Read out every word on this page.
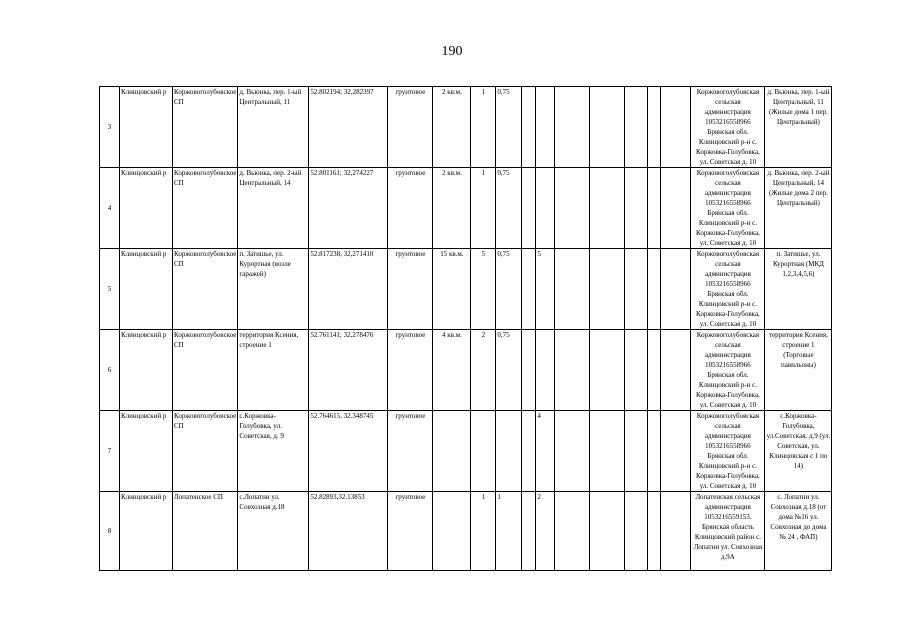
190
3	Клинцовский р	Коржовоголубовское СП	д. Вьюнка, пер. 1-ый Центральный, 11	52.802194; 32,282397	грунтовое	2 кв.м.	1	0,75								Коржовоголубовская сельская администрация 1053216558966 Брянская обл. Клинцовский р-н с. Коржовка-Голубовка, ул. Советская д. 10	д. Вьюнка, пер. 1-ый Центральный, 11 (Жилые дома 1 пер. Центральный)
4	Клинцовский р	Коржовоголубовское СП	д. Вьюнка, пер. 2-ый Центральный, 14	52.801161; 32,274227	грунтовое	2 кв.м.	1	0,75								Коржовоголубовская сельская администрация 1053216558966 Брянская обл. Клинцовский р-н с. Коржовка-Голубовка, ул. Советская д. 10	д. Вьюнка, пер. 2-ый Центральный, 14 (Жилые дома 2 пер. Центральный)
5	Клинцовский р	Коржовоголубовское СП	п. Затишье, ул. Курортная (возле гаражей)	52.817238, 32,271410	грунтовое	15 кв.м.	5	0,75		5						Коржовоголубовская сельская администрация 1053216558966 Брянская обл. Клинцовский р-н с. Коржовка-Голубовка, ул. Советская д. 10	п. Затишье, ул. Курортная (МКД 1,2,3,4,5,6)
6	Клинцовский р	Коржовоголубовское СП	территория Ксения, строение 1	52.761141; 32,278476	грунтовое	4 кв.м.	2	0,75								Коржовоголубовская сельская администрация 1053216558966 Брянская обл. Клинцовский р-н с. Коржовка-Голубовка, ул. Советская д. 10	территория Ксения, строение 1 (Торговые павильоны)
7	Клинцовский р	Коржовоголубовское СП	с.Коржовка-Голубовка, ул. Советская, д. 9	52.764615, 32.348745	грунтовое					4						Коржовоголубовская сельская администрация 1053216558966 Брянская обл. Клинцовский р-н с. Коржовка-Голубовка, ул. Советская д. 10	с.Коржовка-Голубовка, ул.Советская, д.9 (ул. Советская, ул. Клинцовская с 1 по 14)
8	Клинцовский р	Лопатенское СП	с.Лопатни ул. Совхозная д.18	52.82893,32.13853	грунтовое		1	1		2						Лопатенская сельская администрация 1053216559153. Брянская область Клинцовский район с. Лопатни ул. Совхозная д.9А	с. Лопатни ул. Совхозная д.18 (от дома №16 ул. Совхозная до дома № 24 , ФАП)
